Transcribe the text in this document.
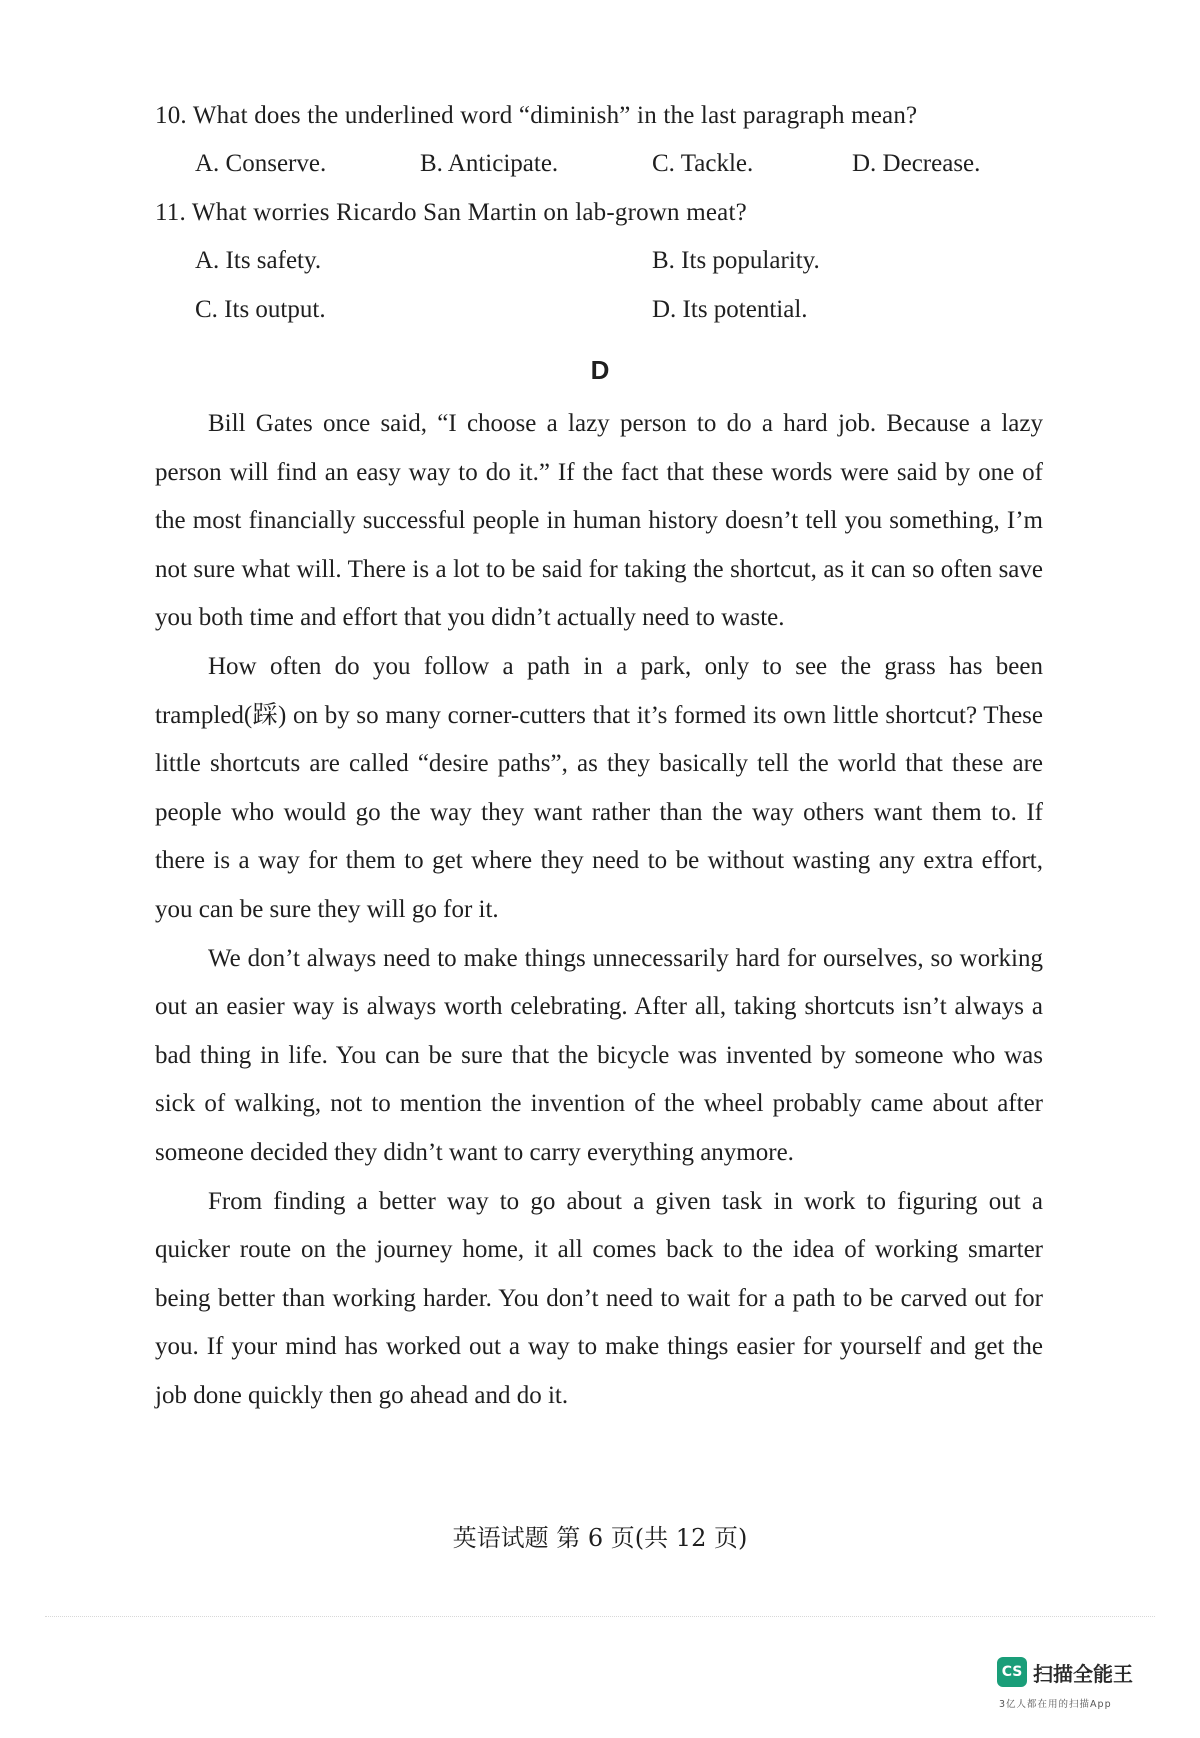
10. What does the underlined word “diminish” in the last paragraph mean?
A. Conserve.	B. Anticipate.	C. Tackle.	D. Decrease.
11. What worries Ricardo San Martin on lab-grown meat?
A. Its safety.	B. Its popularity.
C. Its output.	D. Its potential.
D

Bill Gates once said, “I choose a lazy person to do a hard job. Because a lazy person will find an easy way to do it.” If the fact that these words were said by one of the most financially successful people in human history doesn’t tell you something, I’m not sure what will. There is a lot to be said for taking the shortcut, as it can so often save you both time and effort that you didn’t actually need to waste.

How often do you follow a path in a park, only to see the grass has been trampled(踩) on by so many corner-cutters that it’s formed its own little shortcut? These little shortcuts are called “desire paths”, as they basically tell the world that these are people who would go the way they want rather than the way others want them to. If there is a way for them to get where they need to be without wasting any extra effort, you can be sure they will go for it.

We don’t always need to make things unnecessarily hard for ourselves, so working out an easier way is always worth celebrating. After all, taking shortcuts isn’t always a bad thing in life. You can be sure that the bicycle was invented by someone who was sick of walking, not to mention the invention of the wheel probably came about after someone decided they didn’t want to carry everything anymore.

From finding a better way to go about a given task in work to figuring out a quicker route on the journey home, it all comes back to the idea of working smarter being better than working harder. You don’t need to wait for a path to be carved out for you. If your mind has worked out a way to make things easier for yourself and get the job done quickly then go ahead and do it.

英语试题 第 6 页(共 12 页)
CS 扫描全能王
3亿人都在用的扫描App
